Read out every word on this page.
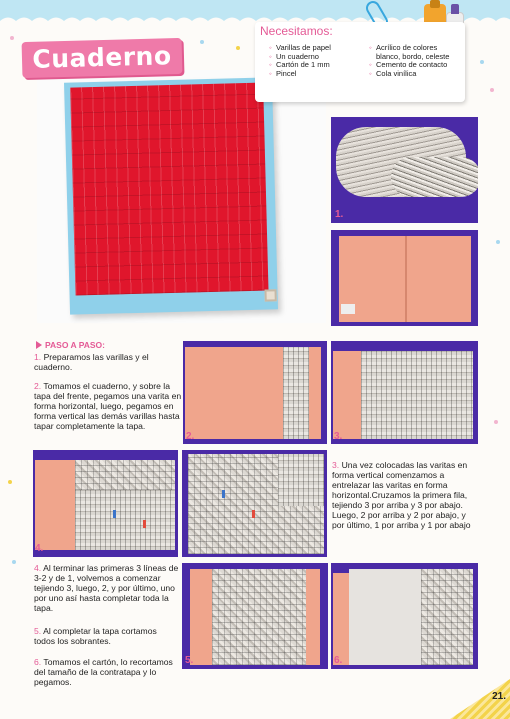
Cuaderno
Necesitamos:
◦ Varillas de papel
◦ Un cuaderno
◦ Cartón de 1 mm
◦ Pincel
◦ Acrílico de colores blanco, bordo, celeste
◦ Cemento de contacto
◦ Cola vinílica
1.
PASO A PASO:
1. Preparamos las varillas y el cuaderno.
2. Tomamos el cuaderno, y sobre la tapa del frente, pegamos una varita en forma horizontal, luego, pegamos en forma vertical las demás varillas hasta tapar completamente la tapa.
2.	3.
4.
3. Una vez colocadas las varitas en forma vertical comenzamos a entrelazar las varitas en forma horizontal.Cruzamos la primera fila, tejiendo 3 por arriba y 3 por abajo. Luego, 2 por arriba y 2 por abajo, y por último, 1 por arriba y 1 por abajo
4. Al terminar las primeras 3 líneas de 3-2 y de 1, volvemos a comenzar tejiendo 3, luego, 2, y por último, uno por uno así hasta completar toda la tapa.
5. Al completar la tapa cortamos todos los sobrantes.
6. Tomamos el cartón, lo recortamos del tamaño de la contratapa y lo pegamos.
5.	6.
21.
